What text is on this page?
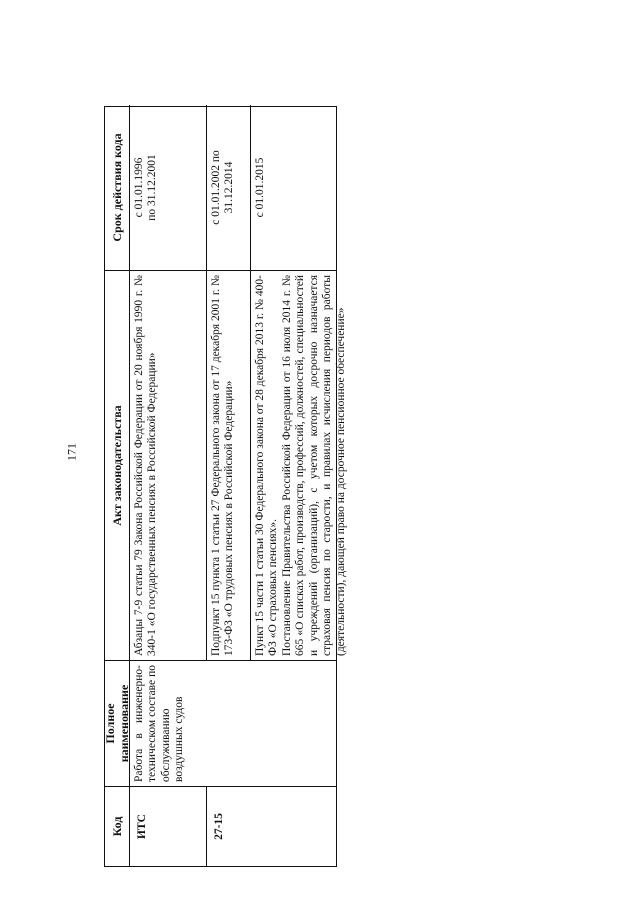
171
Код
Полное наименование
Акт законодательства
Срок действия кода
ИТС
Работа в инженерно-техническом составе по обслуживанию воздушных судов
Абзацы 7-9 статьи 79 Закона Российской Федерации от 20 ноября 1990 г. № 340-1 «О государственных пенсиях в Российской Федерации»
с 01.01.1996 по 31.12.2001
27-15
Подпункт 15 пункта 1 статьи 27 Федерального закона от 17 декабря 2001 г. № 173-ФЗ «О трудовых пенсиях в Российской Федерации»
с 01.01.2002 по 31.12.2014

Пункт 15 части 1 статьи 30 Федерального закона от 28 декабря 2013 г. № 400-ФЗ «О страховых пенсиях». Постановление Правительства Российской Федерации от 16 июля 2014 г. № 665 «О списках работ, производств, профессий, должностей, специальностей и учреждений (организаций), с учетом которых досрочно назначается страховая пенсия по старости, и правилах исчисления периодов работы (деятельности), дающей право на досрочное пенсионное обеспечение»

с 01.01.2015
